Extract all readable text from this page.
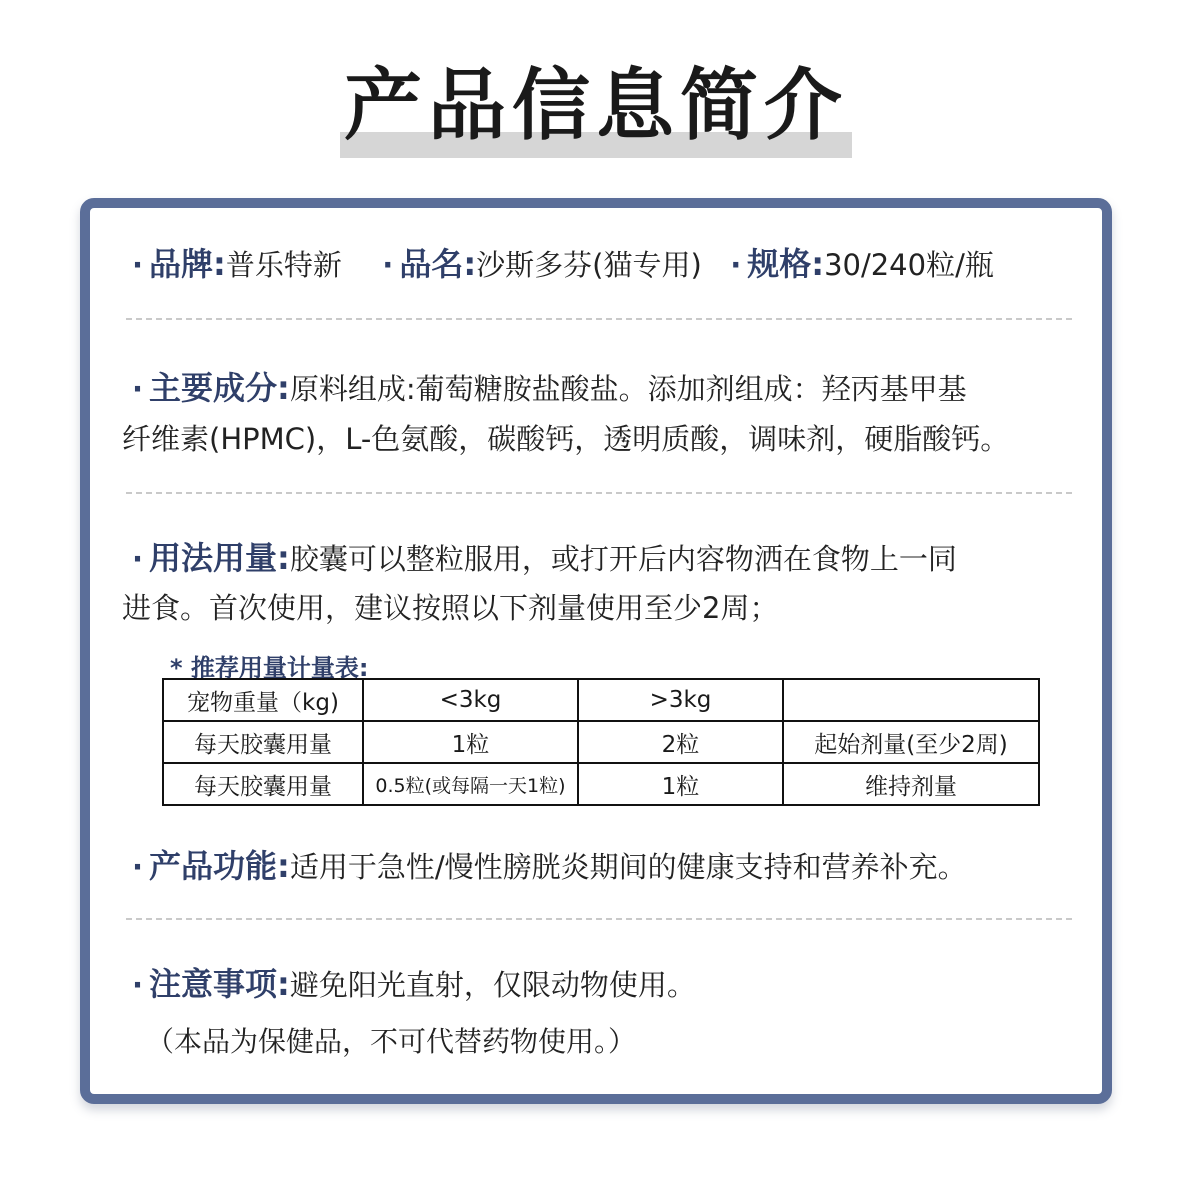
产品信息简介
· 品牌:普乐特新 · 品名:沙斯多芬(猫专用) · 规格:30/240粒/瓶
· 主要成分:原料组成:葡萄糖胺盐酸盐。添加剂组成：羟丙基甲基
纤维素(HPMC)，L-色氨酸，碳酸钙，透明质酸，调味剂，硬脂酸钙。
· 用法用量:胶囊可以整粒服用，或打开后内容物洒在食物上一同
进食。首次使用，建议按照以下剂量使用至少2周；
* 推荐用量计量表:
宠物重量（kg)	<3kg	>3kg	
每天胶囊用量	1粒	2粒	起始剂量(至少2周)
每天胶囊用量	0.5粒(或每隔一天1粒)	1粒	维持剂量
· 产品功能:适用于急性/慢性膀胱炎期间的健康支持和营养补充。
· 注意事项:避免阳光直射，仅限动物使用。
（本品为保健品，不可代替药物使用。）
